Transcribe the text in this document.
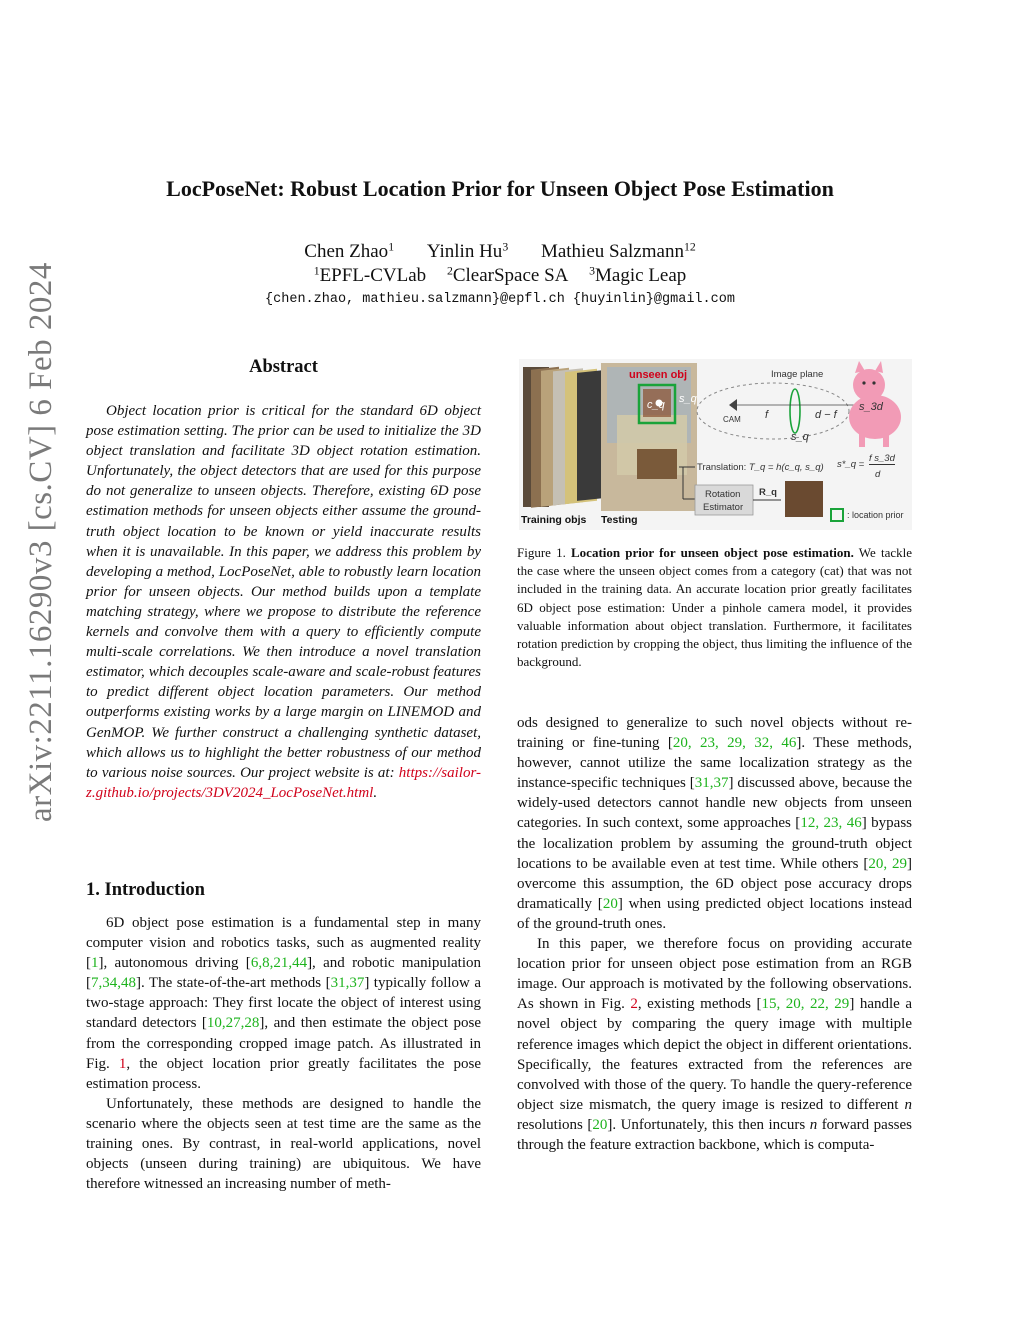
arXiv:2211.16290v3 [cs.CV] 6 Feb 2024
LocPoseNet: Robust Location Prior for Unseen Object Pose Estimation
Chen Zhao$^1$ Yinlin Hu$^3$ Mathieu Salzmann$^{12}$
$^1$EPFL-CVLab $^2$ClearSpace SA $^3$Magic Leap
{chen.zhao, mathieu.salzmann}@epfl.ch {huyinlin}@gmail.com
Abstract

Object location prior is critical for the standard 6D object pose estimation setting. The prior can be used to initialize the 3D object translation and facilitate 3D object rotation estimation. Unfortunately, the object detectors that are used for this purpose do not generalize to unseen objects. Therefore, existing 6D pose estimation methods for unseen objects either assume the ground-truth object location to be known or yield inaccurate results when it is unavailable. In this paper, we address this problem by developing a method, LocPoseNet, able to robustly learn location prior for unseen objects. Our method builds upon a template matching strategy, where we propose to distribute the reference kernels and convolve them with a query to efficiently compute multi-scale correlations. We then introduce a novel translation estimator, which decouples scale-aware and scale-robust features to predict different object location parameters. Our method outperforms existing works by a large margin on LINEMOD and GenMOP. We further construct a challenging synthetic dataset, which allows us to highlight the better robustness of our method to various noise sources. Our project website is at: https://sailor-z.github.io/projects/3DV2024_LocPoseNet.html.

1. Introduction

6D object pose estimation is a fundamental step in many computer vision and robotics tasks, such as augmented reality [1], autonomous driving [6,8,21,44], and robotic manipulation [7,34,48]. The state-of-the-art methods [31,37] typically follow a two-stage approach: They first locate the object of interest using standard detectors [10,27,28], and then estimate the object pose from the corresponding cropped image patch. As illustrated in Fig. 1, the object location prior greatly facilitates the pose estimation process.

Unfortunately, these methods are designed to handle the scenario where the objects seen at test time are the same as the training ones. By contrast, in real-world applications, novel objects (unseen during training) are ubiquitous. We have therefore witnessed an increasing number of meth-

Training objs Testing
unseen obj	Image plane
CAM
c_q s_q
f	d − f
s_q
s_3d
Translation: T_q = h(c_q, s_q) s*_q =
f s_3d
d
Rotation
Estimator
R_q
: location prior
Figure 1. Location prior for unseen object pose estimation. We tackle the case where the unseen object comes from a category (cat) that was not included in the training data. An accurate location prior greatly facilitates 6D object pose estimation: Under a pinhole camera model, it provides valuable information about object translation. Furthermore, it facilitates rotation prediction by cropping the object, thus limiting the influence of the background.

ods designed to generalize to such novel objects without re-training or fine-tuning [20, 23, 29, 32, 46]. These methods, however, cannot utilize the same localization strategy as the instance-specific techniques [31,37] discussed above, because the widely-used detectors cannot handle new objects from unseen categories. In such context, some approaches [12, 23, 46] bypass the localization problem by assuming the ground-truth object locations to be available even at test time. While others [20, 29] overcome this assumption, the 6D object pose accuracy drops dramatically [20] when using predicted object locations instead of the ground-truth ones.

In this paper, we therefore focus on providing accurate location prior for unseen object pose estimation from an RGB image. Our approach is motivated by the following observations. As shown in Fig. 2, existing methods [15, 20, 22, 29] handle a novel object by comparing the query image with multiple reference images which depict the object in different orientations. Specifically, the features extracted from the references are convolved with those of the query. To handle the query-reference object size mismatch, the query image is resized to different n resolutions [20]. Unfortunately, this then incurs n forward passes through the feature extraction backbone, which is computa-
